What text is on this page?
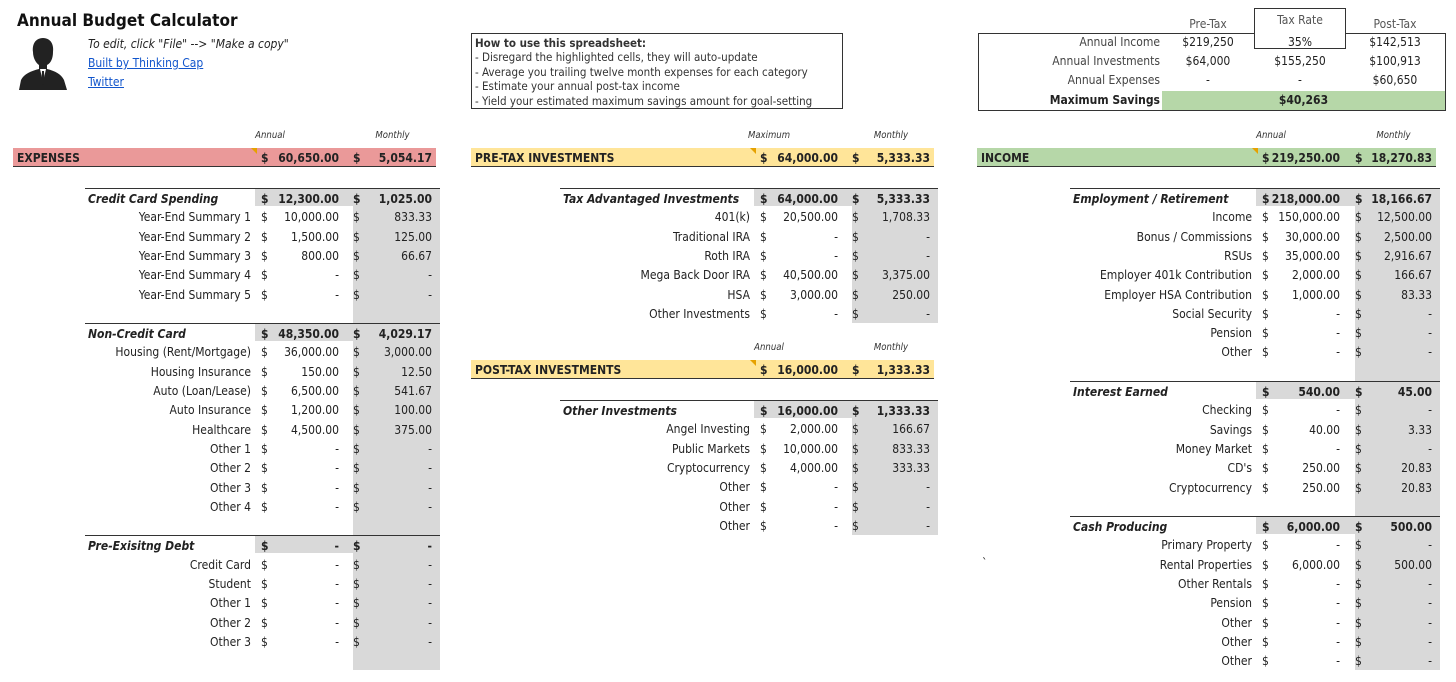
Annual Budget Calculator
To edit, click "File" --> "Make a copy"
Built by Thinking Cap
Twitter
How to use this spreadsheet:
- Disregard the highlighted cells, they will auto-update
- Average you trailing twelve month expenses for each category
- Estimate your annual post-tax income
- Yield your estimated maximum savings amount for goal-setting
Pre-Tax	Tax Rate	Post-Tax
Annual Income	$219,250	35%	$142,513
Annual Investments	$64,000	$155,250	$100,913
Annual Expenses	-	-	$60,650
Maximum Savings	$40,263
Annual	Monthly
EXPENSES	$ 60,650.00 $	5,054.17
Credit Card Spending	$ 12,300.00 $	1,025.00
Year-End Summary 1 $	10,000.00 $	833.33
Year-End Summary 2 $	1,500.00 $	125.00
Year-End Summary 3 $	800.00 $	66.67
Year-End Summary 4 $	- $	-
Year-End Summary 5 $	- $	-
Non-Credit Card	$ 48,350.00 $	4,029.17
Housing (Rent/Mortgage) $	36,000.00 $	3,000.00
Housing Insurance $	150.00 $	12.50
Auto (Loan/Lease) $	6,500.00 $	541.67
Auto Insurance $	1,200.00 $	100.00
Healthcare $	4,500.00 $	375.00
Other 1 $	- $	-
Other 2 $	- $	-
Other 3 $	- $	-
Other 4 $	- $	-
Pre-Exisitng Debt	$	- $	-
Credit Card $	- $	-
Student $	- $	-
Other 1 $	- $	-
Other 2 $	- $	-
Other 3 $	- $	-
Maximum	Monthly
PRE-TAX INVESTMENTS	$ 64,000.00 $	5,333.33
Tax Advantaged Investments $ 64,000.00 $	5,333.33
401(k) $	20,500.00 $	1,708.33
Traditional IRA $	- $	-
Roth IRA $	- $	-
Mega Back Door IRA $	40,500.00 $	3,375.00
HSA $	3,000.00 $	250.00
Other Investments $	- $	-
Annual	Monthly
POST-TAX INVESTMENTS	$ 16,000.00 $	1,333.33
Other Investments	$ 16,000.00 $	1,333.33
Angel Investing $	2,000.00 $	166.67
Public Markets $	10,000.00 $	833.33
Cryptocurrency $	4,000.00 $	333.33
Other $	- $	-
Other $	- $	-
Other $	- $	-
Annual	Monthly
INCOME	$ 219,250.00 $ 18,270.83
Employment / Retirement	$ 218,000.00 $ 18,166.67
Income $ 150,000.00 $	12,500.00
Bonus / Commissions $	30,000.00 $	2,500.00
RSUs $	35,000.00 $	2,916.67
Employer 401k Contribution $	2,000.00 $	166.67
Employer HSA Contribution $	1,000.00 $	83.33
Social Security $	- $	-
Pension $	- $	-
Other $	- $	-
Interest Earned	$	540.00 $	45.00
Checking $	- $	-
Savings $	40.00 $	3.33
Money Market $	- $	-
CD's $	250.00 $	20.83
Cryptocurrency $	250.00 $	20.83
Cash Producing	$	6,000.00 $	500.00
Primary Property $	- $	-
Rental Properties $	6,000.00 $	500.00
Other Rentals $	- $	-
Pension $	- $	-
Other $	- $	-
Other $	- $	-
Other $	- $	-
`
